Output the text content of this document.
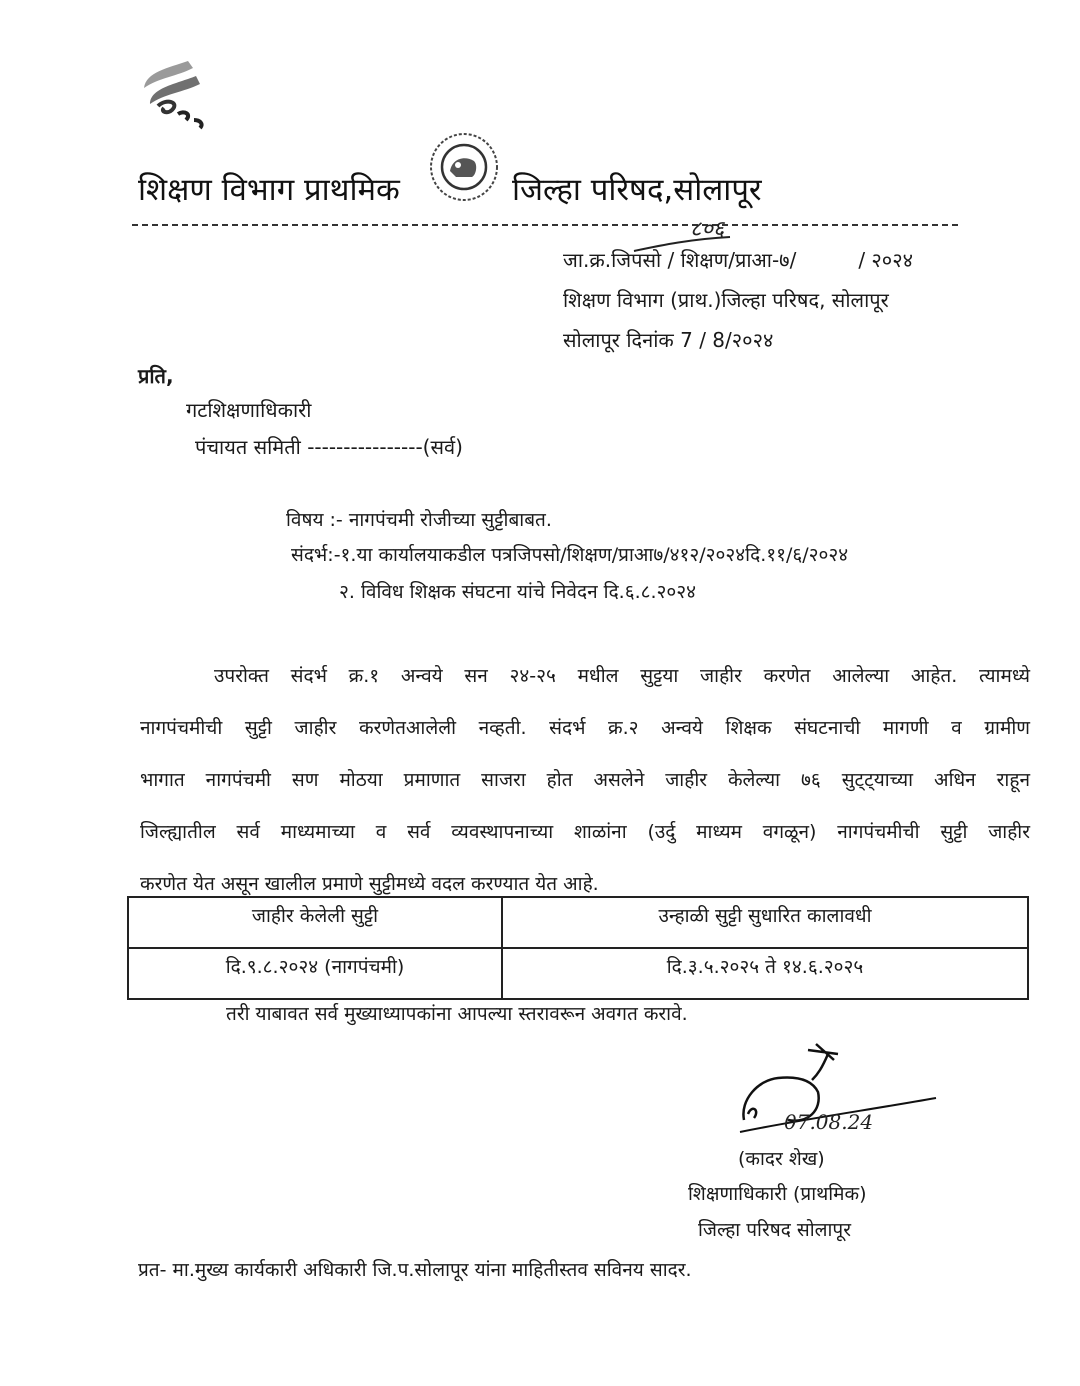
शिक्षण विभाग प्राथमिक	जिल्हा परिषद,सोलापूर
जा.क्र.जिपसो / शिक्षण/प्राआ-७/	/ २०२४
शिक्षण विभाग (प्राथ.)जिल्हा परिषद, सोलापूर
सोलापूर दिनांक 7 / 8/२०२४
८०६
प्रति,
गटशिक्षणाधिकारी
पंचायत समिती ----------------(सर्व)
विषय :- नागपंचमी रोजीच्या सुट्टीबाबत.
संदर्भ:-१.या कार्यालयाकडील पत्रजिपसो/शिक्षण/प्राआ७/४१२/२०२४दि.११/६/२०२४
२. विविध शिक्षक संघटना यांचे निवेदन दि.६.८.२०२४
उपरोक्त संदर्भ क्र.१ अन्वये सन २४-२५ मधील सुट्टया जाहीर करणेत आलेल्या आहेत. त्यामध्ये
नागपंचमीची सुट्टी जाहीर करणेतआलेली नव्हती. संदर्भ क्र.२ अन्वये शिक्षक संघटनाची मागणी व ग्रामीण
भागात नागपंचमी सण मोठया प्रमाणात साजरा होत असलेने जाहीर केलेल्या ७६ सुट्ट्याच्या अधिन राहून
जिल्ह्यातील सर्व माध्यमाच्या व सर्व व्यवस्थापनाच्या शाळांना (उर्दु माध्यम वगळून) नागपंचमीची सुट्टी जाहीर
करणेत येत असून खालील प्रमाणे सुट्टीमध्ये वदल करण्यात येत आहे.
जाहीर केलेली सुट्टी	उन्हाळी सुट्टी सुधारित कालावधी
दि.९.८.२०२४ (नागपंचमी)	दि.३.५.२०२५ ते १४.६.२०२५
तरी याबावत सर्व मुख्याध्यापकांना आपल्या स्तरावरून अवगत करावे.
07.08.24
(कादर शेख)
शिक्षणाधिकारी (प्राथमिक)
जिल्हा परिषद सोलापूर
प्रत- मा.मुख्य कार्यकारी अधिकारी जि.प.सोलापूर यांना माहितीस्तव सविनय सादर.
